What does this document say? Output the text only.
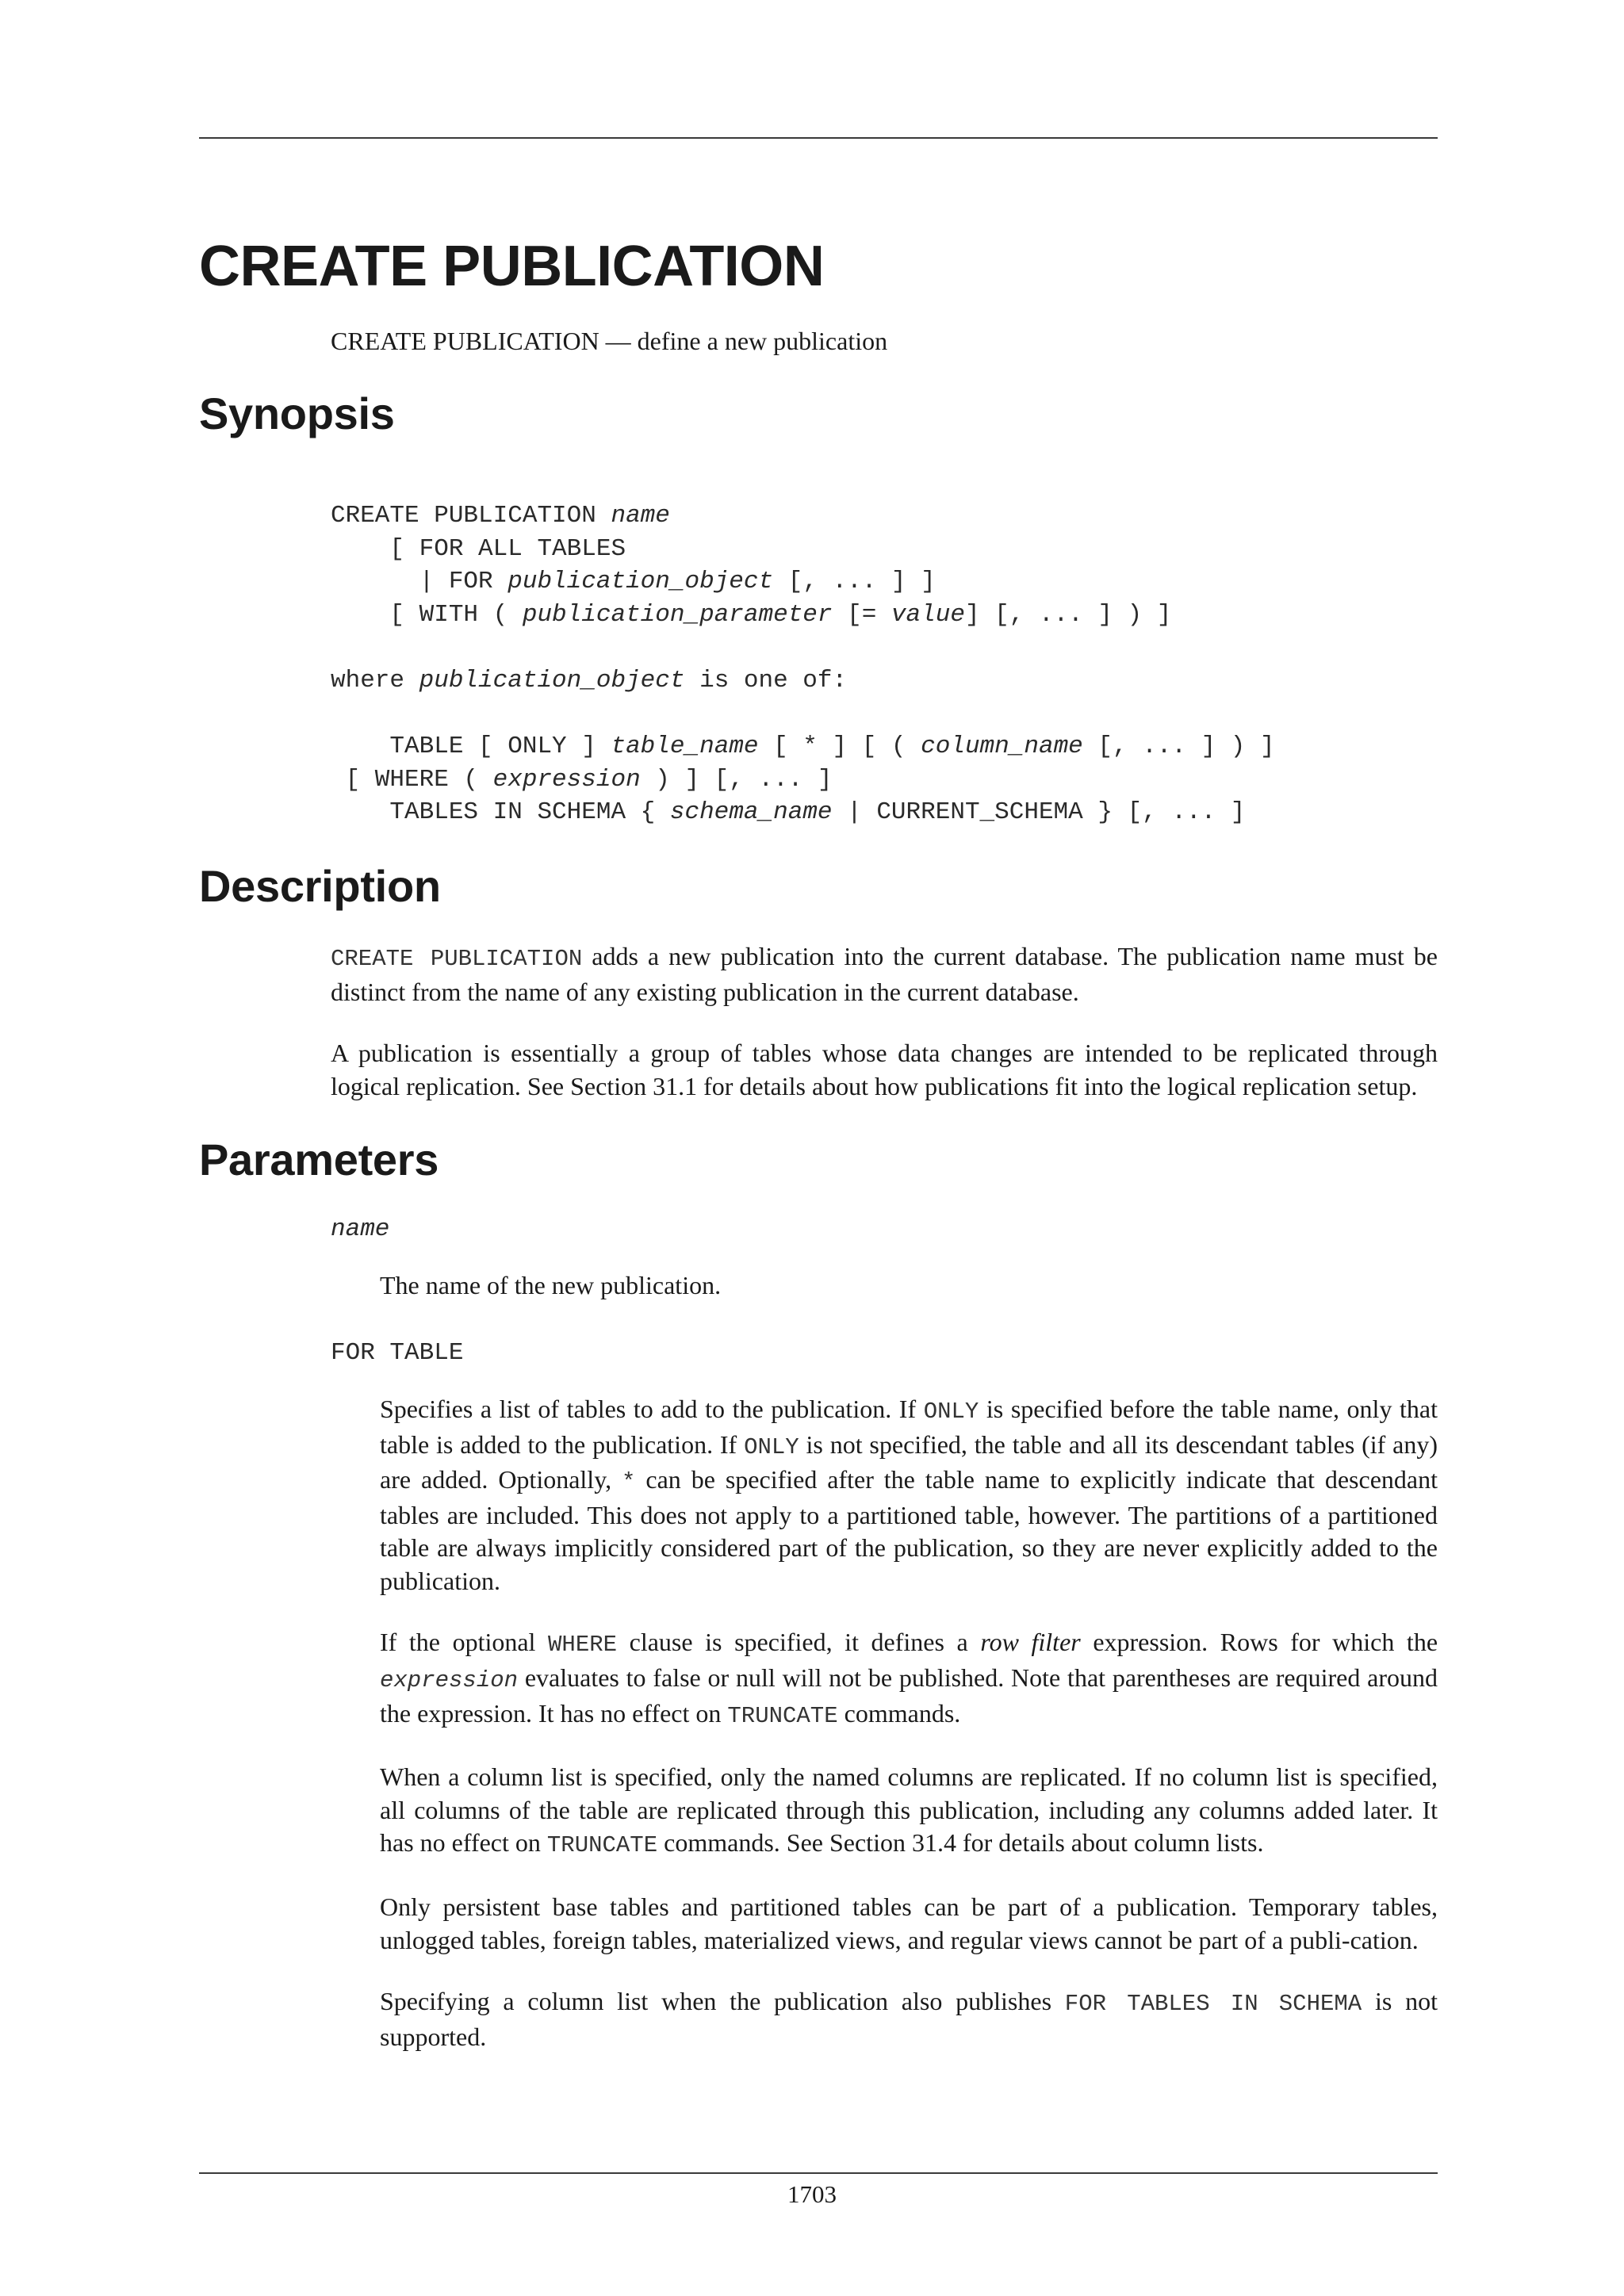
CREATE PUBLICATION

CREATE PUBLICATION — define a new publication

Synopsis
CREATE PUBLICATION name
[ FOR ALL TABLES
| FOR publication_object [, ... ] ]
[ WITH ( publication_parameter [= value] [, ... ] ) ]

where publication_object is one of:

TABLE [ ONLY ] table_name [ * ] [ ( column_name [, ... ] ) ]
[ WHERE ( expression ) ] [, ... ]
TABLES IN SCHEMA { schema_name | CURRENT_SCHEMA } [, ... ]
Description

CREATE PUBLICATION adds a new publication into the current database. The publication name must be distinct from the name of any existing publication in the current database.

A publication is essentially a group of tables whose data changes are intended to be replicated through logical replication. See Section 31.1 for details about how publications fit into the logical replication setup.

Parameters
name

The name of the new publication.

FOR TABLE

Specifies a list of tables to add to the publication. If ONLY is specified before the table name, only that table is added to the publication. If ONLY is not specified, the table and all its descendant tables (if any) are added. Optionally, * can be specified after the table name to explicitly indicate that descendant tables are included. This does not apply to a partitioned table, however. The partitions of a partitioned table are always implicitly considered part of the publication, so they are never explicitly added to the publication.

If the optional WHERE clause is specified, it defines a row filter expression. Rows for which the expression evaluates to false or null will not be published. Note that parentheses are required around the expression. It has no effect on TRUNCATE commands.

When a column list is specified, only the named columns are replicated. If no column list is specified, all columns of the table are replicated through this publication, including any columns added later. It has no effect on TRUNCATE commands. See Section 31.4 for details about column lists.

Only persistent base tables and partitioned tables can be part of a publication. Temporary tables, unlogged tables, foreign tables, materialized views, and regular views cannot be part of a publi-cation.

Specifying a column list when the publication also publishes FOR TABLES IN SCHEMA is not supported.

1703
